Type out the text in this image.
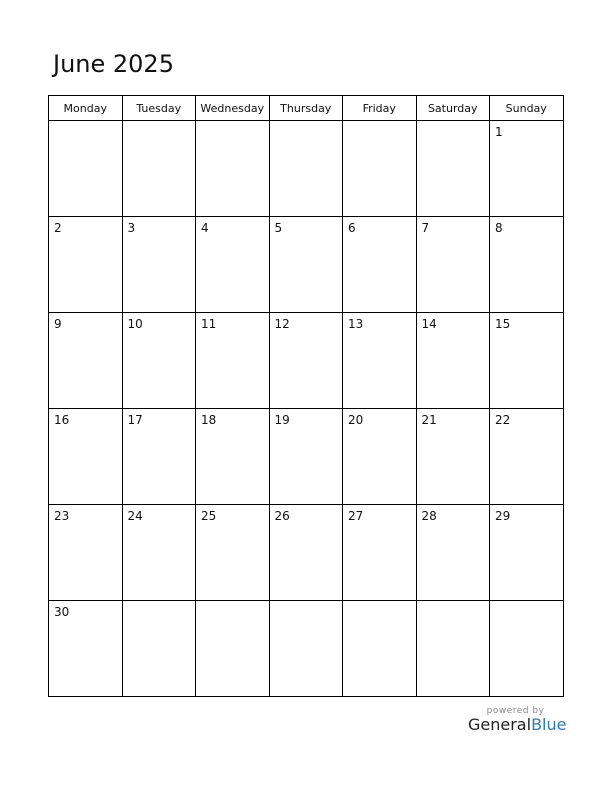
June 2025
Monday	Tuesday	Wednesday	Thursday	Friday	Saturday	Sunday

						1

2	3	4	5	6	7	8

9	10	11	12	13	14	15

16	17	18	19	20	21	22

23	24	25	26	27	28	29

30						

powered by
GeneralBlue
